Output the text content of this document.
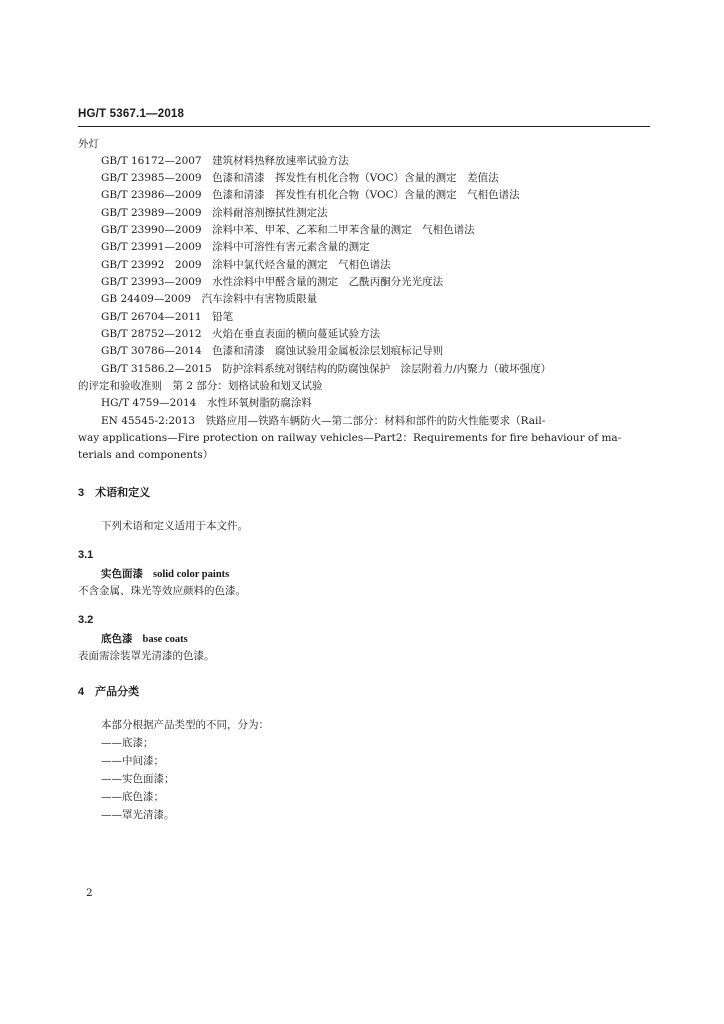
HG/T 5367.1—2018
外灯
GB/T 16172—2007　建筑材料热释放速率试验方法
GB/T 23985—2009　色漆和清漆　挥发性有机化合物（VOC）含量的测定　差值法
GB/T 23986—2009　色漆和清漆　挥发性有机化合物（VOC）含量的测定　气相色谱法
GB/T 23989—2009　涂料耐溶剂擦拭性测定法
GB/T 23990—2009　涂料中苯、甲苯、乙苯和二甲苯含量的测定　气相色谱法
GB/T 23991—2009　涂料中可溶性有害元素含量的测定
GB/T 23992　2009　涂料中氯代烃含量的测定　气相色谱法
GB/T 23993—2009　水性涂料中甲醛含量的测定　乙酰丙酮分光光度法
GB 24409—2009　汽车涂料中有害物质限量
GB/T 26704—2011　铅笔
GB/T 28752—2012　火焰在垂直表面的横向蔓延试验方法
GB/T 30786—2014　色漆和清漆　腐蚀试验用金属板涂层划痕标记导则
GB/T 31586.2—2015　防护涂料系统对钢结构的防腐蚀保护　涂层附着力/内聚力（破坏强度）
的评定和验收准则　第 2 部分：划格试验和划叉试验
HG/T 4759—2014　水性环氧树脂防腐涂料
EN 45545-2:2013　铁路应用—铁路车辆防火—第二部分：材料和部件的防火性能要求（Rail-
way applications—Fire protection on railway vehicles—Part2：Requirements for fire behaviour of ma-
terials and components）
3　术语和定义
下列术语和定义适用于本文件。
3.1
实色面漆 solid color paints
不含金属、珠光等效应颜料的色漆。
3.2
底色漆 base coats
表面需涂装罩光清漆的色漆。
4　产品分类
本部分根据产品类型的不同，分为：
——底漆；
——中间漆；
——实色面漆；
——底色漆；
——罩光清漆。
2
